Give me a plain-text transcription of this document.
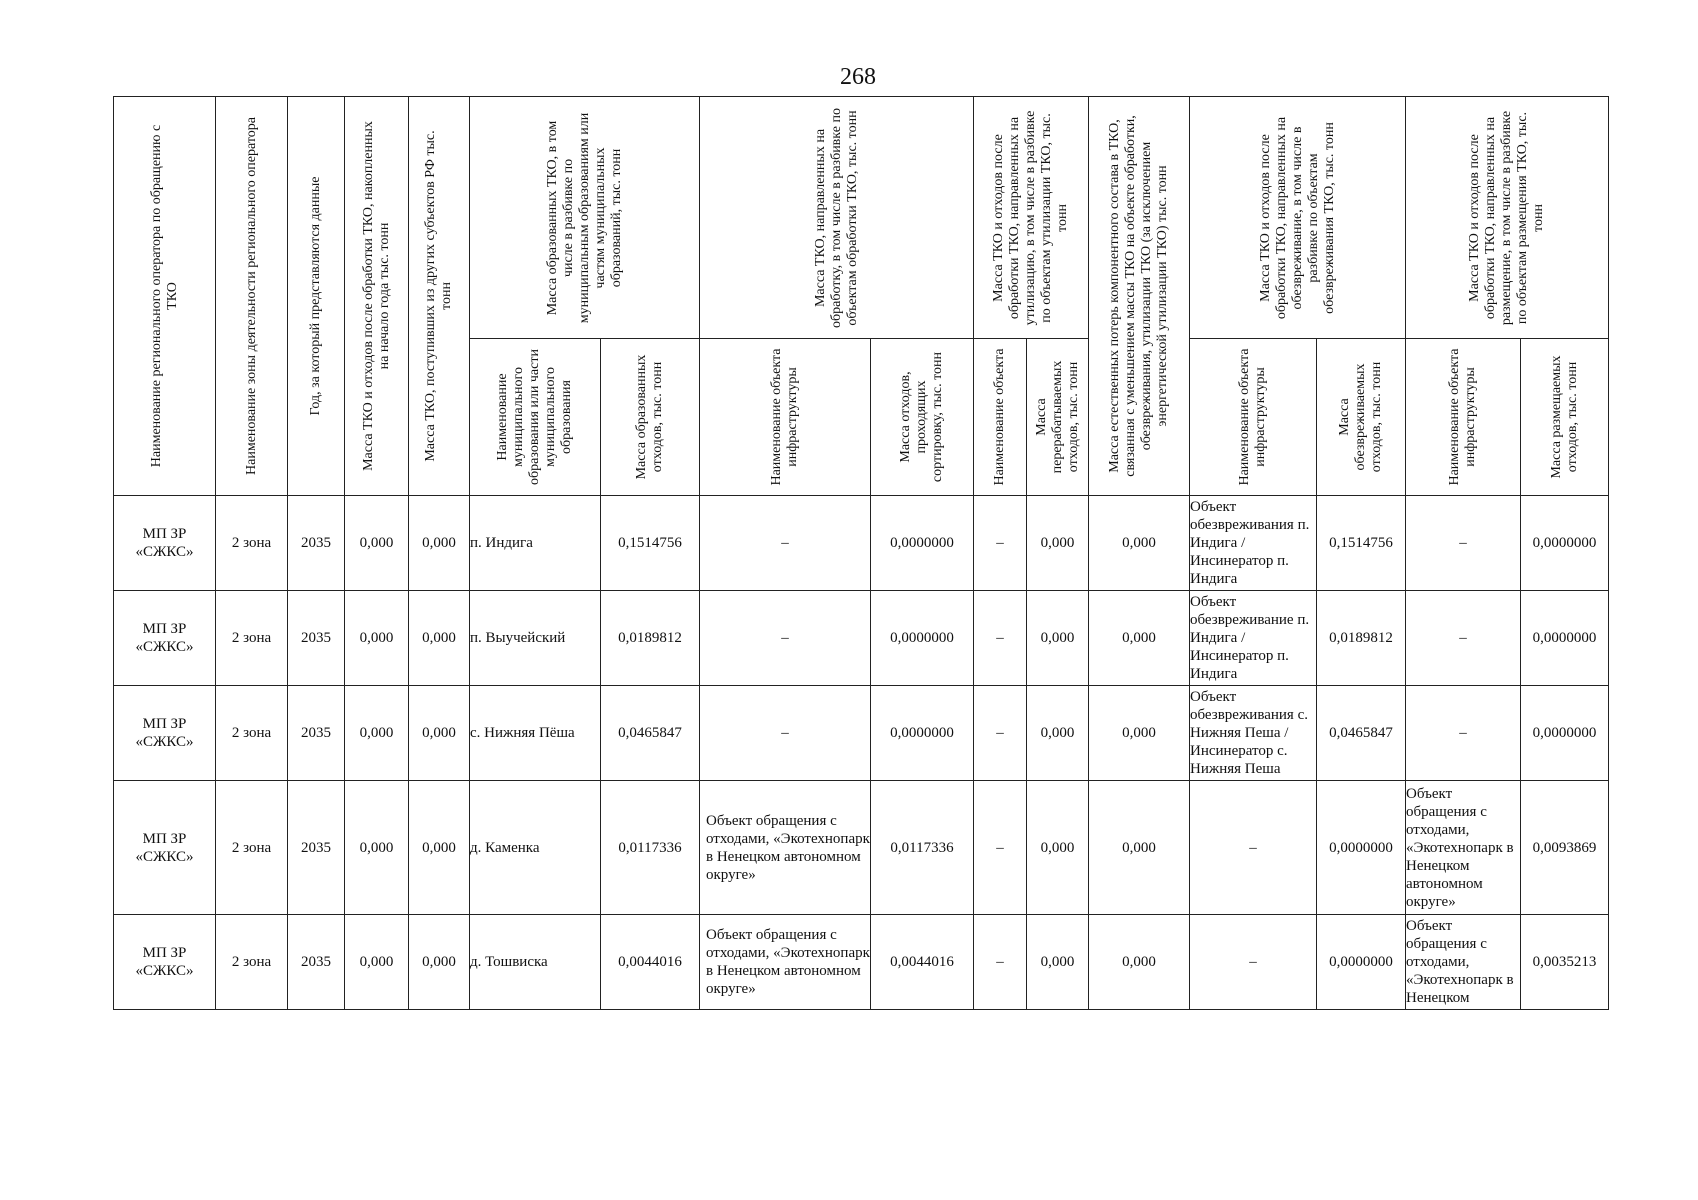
268
Наименование регионального оператора по обращению с ТКО	Наименование зоны деятельности регионального оператора	Год, за который представляются данные	Масса ТКО и отходов после обработки ТКО, накопленных на начало года тыс. тонн	Масса ТКО, поступивших из других субъектов РФ тыс. тонн	Масса образованных ТКО, в том числе в разбивке по муниципальным образованиям или частям муниципальных образований, тыс. тонн		Масса ТКО, направленных на обработку, в том числе в разбивке по объектам обработки ТКО, тыс. тонн		Масса ТКО и отходов после обработки ТКО, направленных на утилизацию, в том числе в разбивке по объектам утилизации ТКО, тыс. тонн		Масса естественных потерь компонентного состава в ТКО, связанная с уменьшением массы ТКО на объекте обработки, обезвреживания, утилизации ТКО (за исключением энергетической утилизации ТКО) тыс. тонн	Масса ТКО и отходов после обработки ТКО, направленных на обезвреживание, в том числе в разбивке по объектам обезвреживания ТКО, тыс. тонн		Масса ТКО и отходов после обработки ТКО, направленных на размещение, в том числе в разбивке по объектам размещения ТКО, тыс. тонн	

					Наименование муниципального образования или части муниципального образования	Масса образованных отходов, тыс. тонн	Наименование объекта инфраструктуры	Масса отходов, проходящих сортировку, тыс. тонн	Наименование объекта	Масса перерабатываемых отходов, тыс. тонн		Наименование объекта инфраструктуры	Масса обезвреживаемых отходов, тыс. тонн	Наименование объекта инфраструктуры	Масса размещаемых отходов, тыс. тонн

МП ЗР «СЖКС»	2 зона	2035	0,000	0,000	п. Индига	0,1514756	–	0,0000000	–	0,000	0,000	Объект обезвреживания п. Индига / Инсинератор п. Индига	0,1514756	–	0,0000000
МП ЗР «СЖКС»	2 зона	2035	0,000	0,000	п. Выучейский	0,0189812	–	0,0000000	–	0,000	0,000	Объект обезвреживание п. Индига / Инсинератор п. Индига	0,0189812	–	0,0000000
МП ЗР «СЖКС»	2 зона	2035	0,000	0,000	с. Нижняя Пёша	0,0465847	–	0,0000000	–	0,000	0,000	Объект обезвреживания с. Нижняя Пеша / Инсинератор с. Нижняя Пеша	0,0465847	–	0,0000000
МП ЗР «СЖКС»	2 зона	2035	0,000	0,000	д. Каменка	0,0117336	Объект обращения с отходами, «Экотехнопарк в Ненецком автономном округе»	0,0117336	–	0,000	0,000	–	0,0000000	Объект обращения с отходами, «Экотехнопарк в Ненецком автономном округе»	0,0093869
МП ЗР «СЖКС»	2 зона	2035	0,000	0,000	д. Тошвиска	0,0044016	Объект обращения с отходами, «Экотехнопарк в Ненецком автономном округе»	0,0044016	–	0,000	0,000	–	0,0000000	Объект обращения с отходами, «Экотехнопарк в Ненецком	0,0035213
